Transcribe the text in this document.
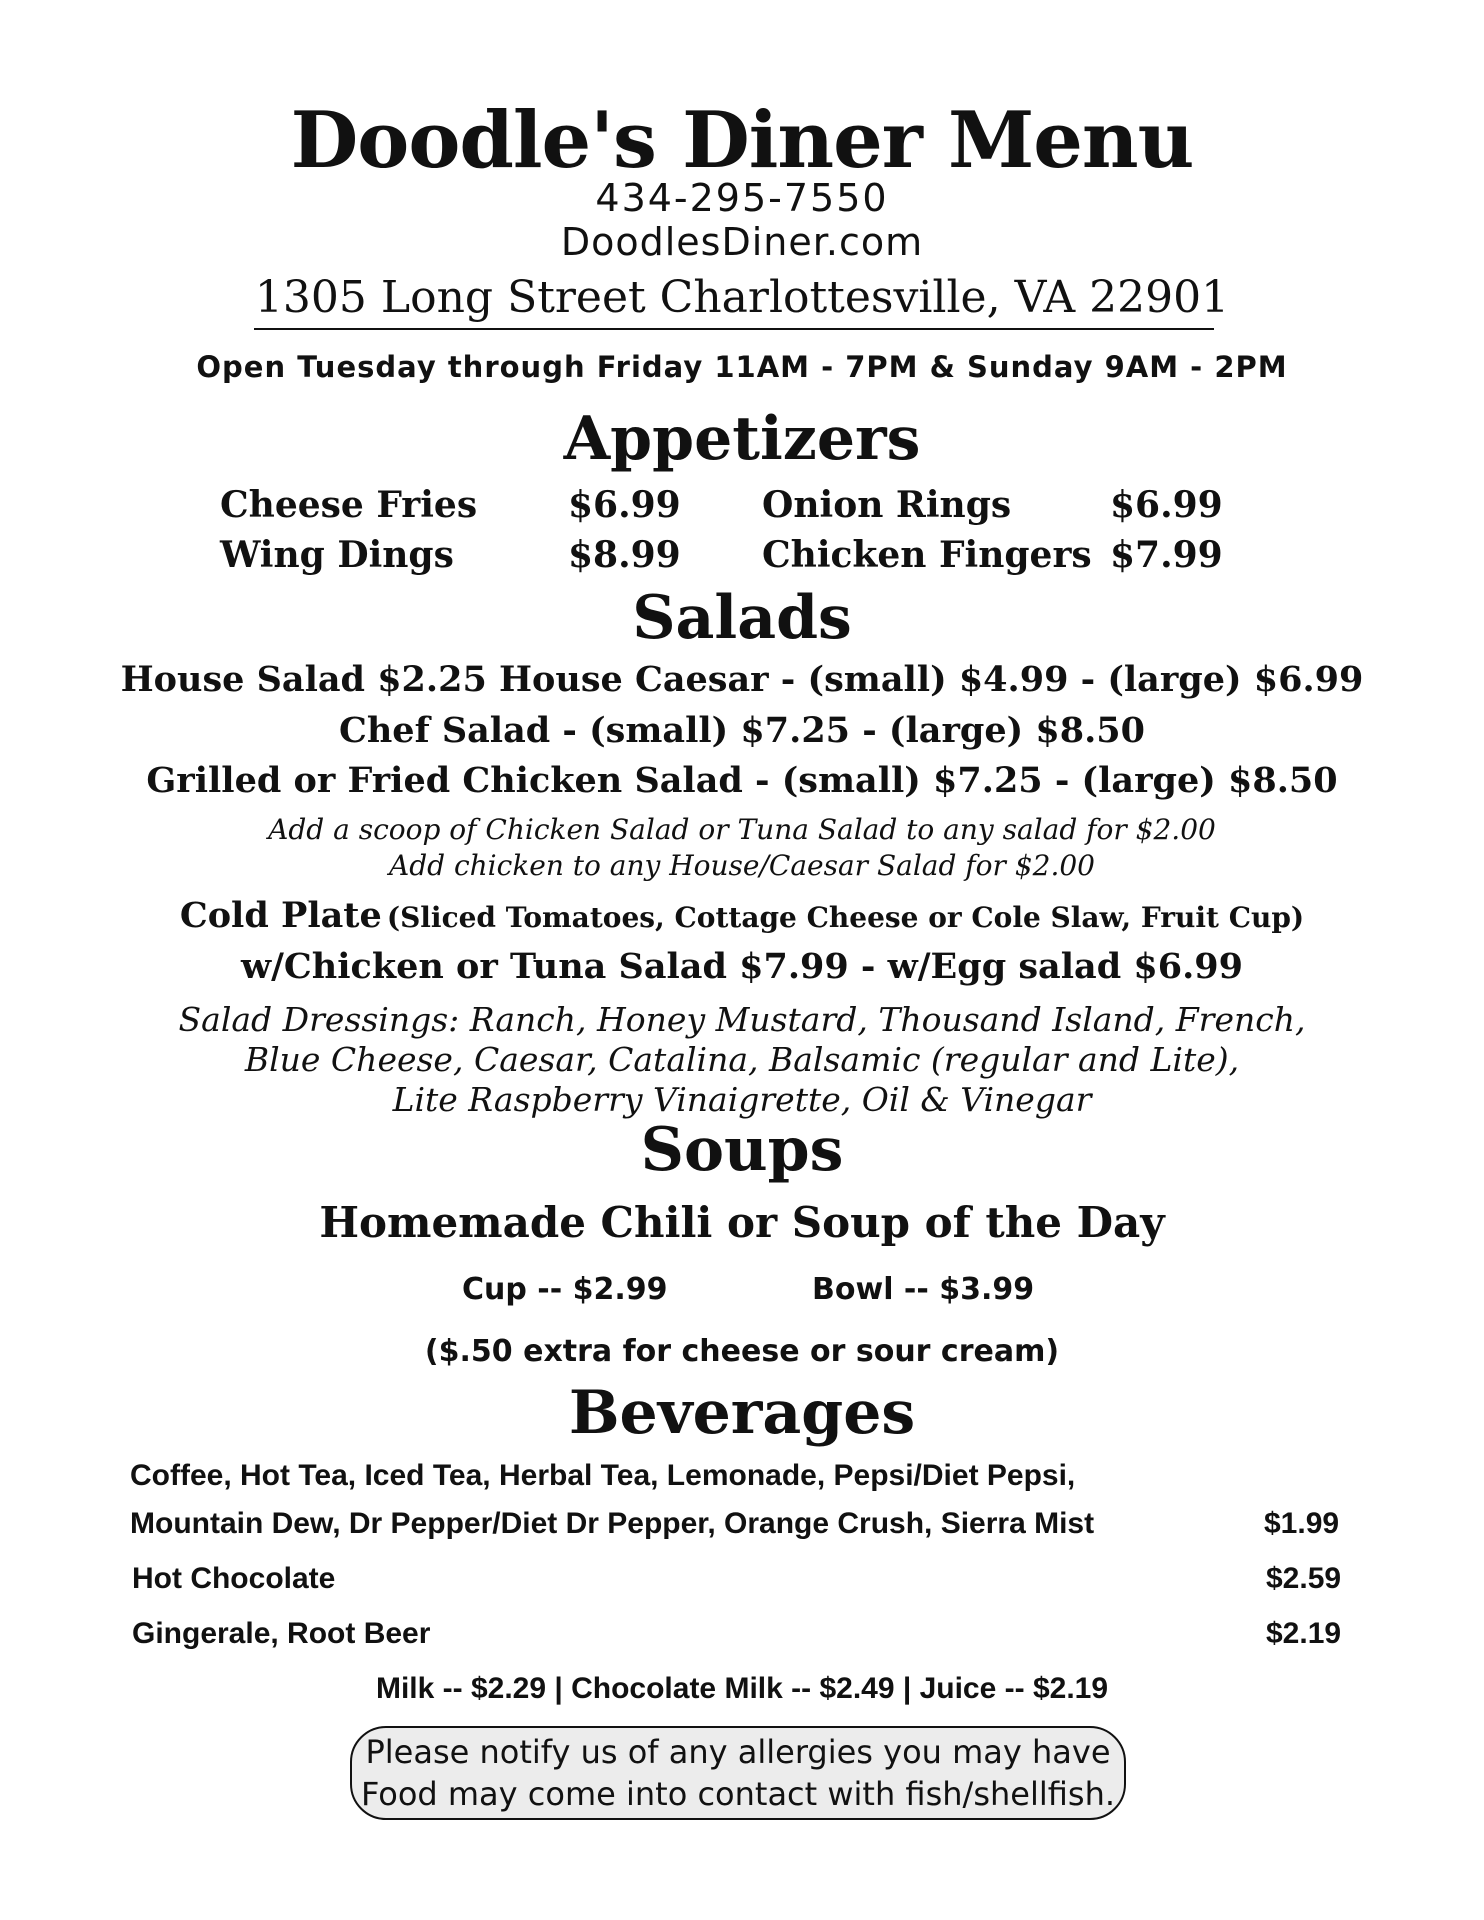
Doodle's Diner Menu
434-295-7550
DoodlesDiner.com
1305 Long Street Charlottesville, VA 22901
Open Tuesday through Friday 11AM - 7PM & Sunday 9AM - 2PM
Appetizers
Cheese Fries	$6.99 Onion Rings	$6.99
Wing Dings	$8.99 Chicken Fingers $7.99
Salads
House Salad $2.25 House Caesar - (small) $4.99 - (large) $6.99
Chef Salad - (small) $7.25 - (large) $8.50
Grilled or Fried Chicken Salad - (small) $7.25 - (large) $8.50
Add a scoop of Chicken Salad or Tuna Salad to any salad for $2.00
Add chicken to any House/Caesar Salad for $2.00
Cold Plate (Sliced Tomatoes, Cottage Cheese or Cole Slaw, Fruit Cup)
w/Chicken or Tuna Salad $7.99 - w/Egg salad $6.99
Salad Dressings: Ranch, Honey Mustard, Thousand Island, French,
Blue Cheese, Caesar, Catalina, Balsamic (regular and Lite),
Lite Raspberry Vinaigrette, Oil & Vinegar
Soups
Homemade Chili or Soup of the Day
Cup -- $2.99	Bowl -- $3.99
($.50 extra for cheese or sour cream)
Beverages
Coffee, Hot Tea, Iced Tea, Herbal Tea, Lemonade, Pepsi/Diet Pepsi,
Mountain Dew, Dr Pepper/Diet Dr Pepper, Orange Crush, Sierra Mist	$1.99
Hot Chocolate	$2.59
Gingerale, Root Beer	$2.19
Milk -- $2.29 | Chocolate Milk -- $2.49 | Juice -- $2.19
Please notify us of any allergies you may have
Food may come into contact with fish/shellfish.
